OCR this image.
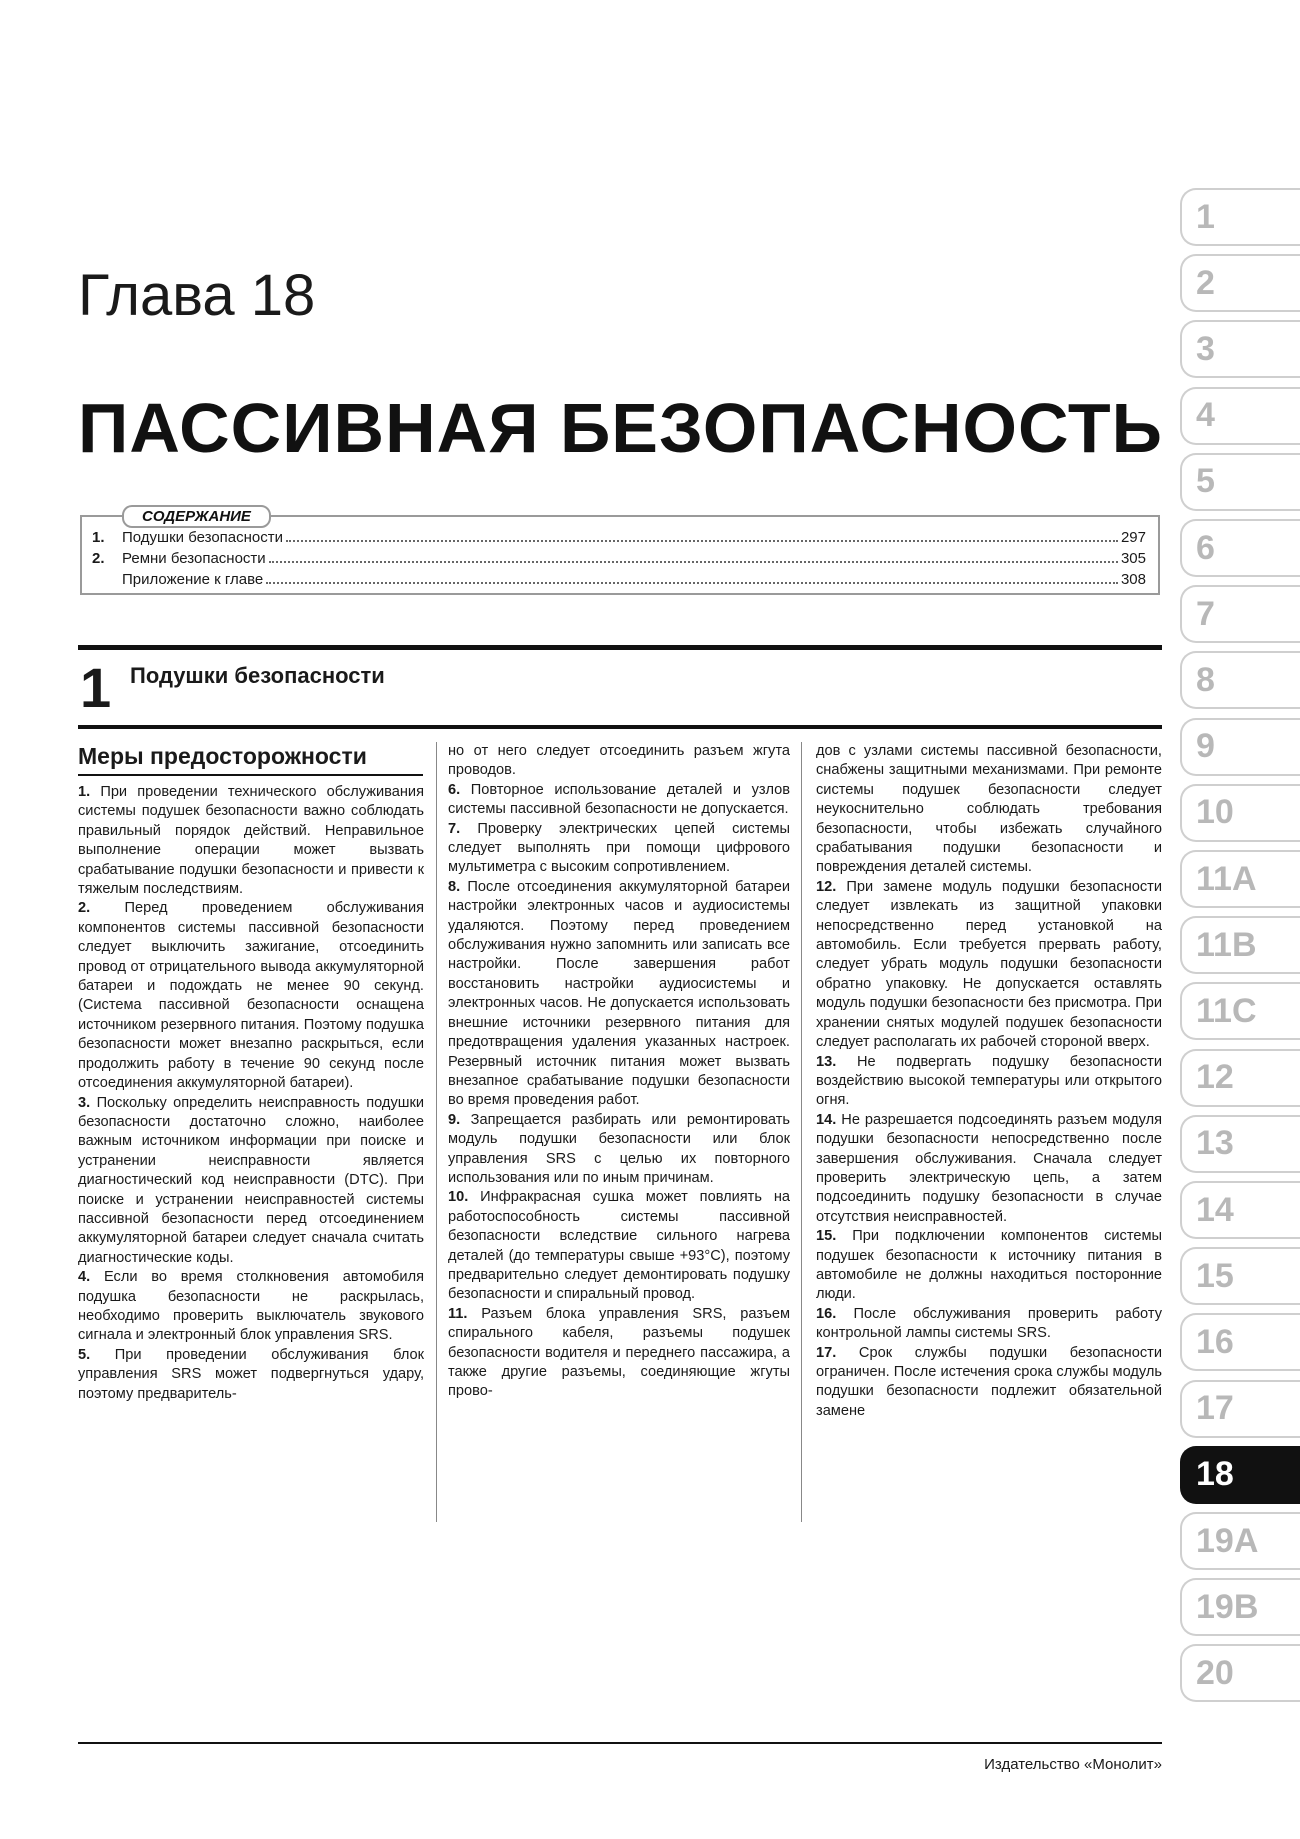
Глава 18
ПАССИВНАЯ БЕЗОПАСНОСТЬ
СОДЕРЖАНИЕ
1.	Подушки безопасности	297
2.	Ремни безопасности	305
Приложение к главе	308
1 Подушки безопасности
Меры предосторожности

1. При проведении технического обслуживания системы подушек безопасности важно соблюдать правильный порядок действий. Неправильное выполнение операции может вызвать срабатывание подушки безопасности и привести к тяжелым последствиям.

2. Перед проведением обслуживания компонентов системы пассивной безопасности следует выключить зажигание, отсоединить провод от отрицательного вывода аккумуляторной батареи и подождать не менее 90 секунд. (Система пассивной безопасности оснащена источником резервного питания. Поэтому подушка безопасности может внезапно раскрыться, если продолжить работу в течение 90 секунд после отсоединения аккумуляторной батареи).

3. Поскольку определить неисправность подушки безопасности достаточно сложно, наиболее важным источником информации при поиске и устранении неисправности является диагностический код неисправности (DTC). При поиске и устранении неисправностей системы пассивной безопасности перед отсоединением аккумуляторной батареи следует сначала считать диагностические коды.

4. Если во время столкновения автомобиля подушка безопасности не раскрылась, необходимо проверить выключатель звукового сигнала и электронный блок управления SRS.

5. При проведении обслуживания блок управления SRS может подвергнуться удару, поэтому предваритель-

но от него следует отсоединить разъем жгута проводов.

6. Повторное использование деталей и узлов системы пассивной безопасности не допускается.

7. Проверку электрических цепей системы следует выполнять при помощи цифрового мультиметра с высоким сопротивлением.

8. После отсоединения аккумуляторной батареи настройки электронных часов и аудиосистемы удаляются. Поэтому перед проведением обслуживания нужно запомнить или записать все настройки. После завершения работ восстановить настройки аудиосистемы и электронных часов. Не допускается использовать внешние источники резервного питания для предотвращения удаления указанных настроек. Резервный источник питания может вызвать внезапное срабатывание подушки безопасности во время проведения работ.

9. Запрещается разбирать или ремонтировать модуль подушки безопасности или блок управления SRS с целью их повторного использования или по иным причинам.

10. Инфракрасная сушка может повлиять на работоспособность системы пассивной безопасности вследствие сильного нагрева деталей (до температуры свыше +93°С), поэтому предварительно следует демонтировать подушку безопасности и спиральный провод.

11. Разъем блока управления SRS, разъем спирального кабеля, разъемы подушек безопасности водителя и переднего пассажира, а также другие разъемы, соединяющие жгуты прово-

дов с узлами системы пассивной безопасности, снабжены защитными механизмами. При ремонте системы подушек безопасности следует неукоснительно соблюдать требования безопасности, чтобы избежать случайного срабатывания подушки безопасности и повреждения деталей системы.

12. При замене модуль подушки безопасности следует извлекать из защитной упаковки непосредственно перед установкой на автомобиль. Если требуется прервать работу, следует убрать модуль подушки безопасности обратно упаковку. Не допускается оставлять модуль подушки безопасности без присмотра. При хранении снятых модулей подушек безопасности следует располагать их рабочей стороной вверх.

13. Не подвергать подушку безопасности воздействию высокой температуры или открытого огня.

14. Не разрешается подсоединять разъем модуля подушки безопасности непосредственно после завершения обслуживания. Сначала следует проверить электрическую цепь, а затем подсоединить подушку безопасности в случае отсутствия неисправностей.

15. При подключении компонентов системы подушек безопасности к источнику питания в автомобиле не должны находиться посторонние люди.

16. После обслуживания проверить работу контрольной лампы системы SRS.

17. Срок службы подушки безопасности ограничен. После истечения срока службы модуль подушки безопасности подлежит обязательной замене

1
2
3
4
5
6
7
8
9
10
11A
11B
11C
12
13
14
15
16
17
18
19A
19B
20
Издательство «Монолит»
